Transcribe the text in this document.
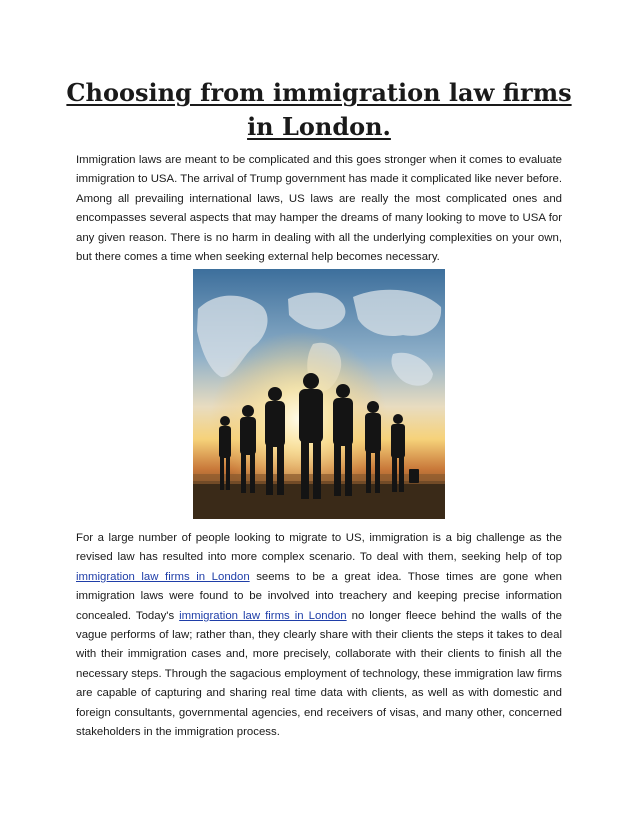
Choosing from immigration law firms in London.

Immigration laws are meant to be complicated and this goes stronger when it comes to evaluate immigration to USA. The arrival of Trump government has made it complicated like never before. Among all prevailing international laws, US laws are really the most complicated ones and encompasses several aspects that may hamper the dreams of many looking to move to USA for any given reason. There is no harm in dealing with all the underlying complexities on your own, but there comes a time when seeking external help becomes necessary.

For a large number of people looking to migrate to US, immigration is a big challenge as the revised law has resulted into more complex scenario. To deal with them, seeking help of top immigration law firms in London seems to be a great idea. Those times are gone when immigration laws were found to be involved into treachery and keeping precise information concealed. Today's immigration law firms in London no longer fleece behind the walls of the vague performs of law; rather than, they clearly share with their clients the steps it takes to deal with their immigration cases and, more precisely, collaborate with their clients to finish all the necessary steps. Through the sagacious employment of technology, these immigration law firms are capable of capturing and sharing real time data with clients, as well as with domestic and foreign consultants, governmental agencies, end receivers of visas, and many other, concerned stakeholders in the immigration process.
